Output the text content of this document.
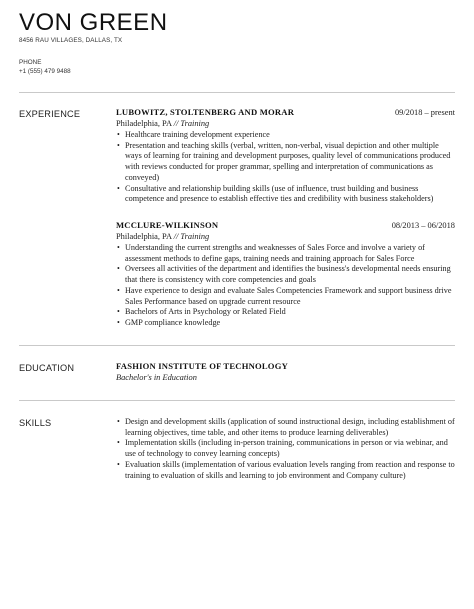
VON GREEN
8456 RAU VILLAGES, DALLAS, TX
PHONE
+1 (555) 479 9488
EXPERIENCE	LUBOWITZ, STOLTENBERG AND MORAR	09/2018 – present
Philadelphia, PA // Training
• Healthcare training development experience
• Presentation and teaching skills (verbal, written, non-verbal, visual depiction and other multiple ways of learning for training and development purposes, quality level of communications produced with reviews conducted for proper grammar, spelling and interpretation of communications as conveyed)
• Consultative and relationship building skills (use of influence, trust building and business competence and presence to establish effective ties and credibility with business stakeholders)
MCCLURE-WILKINSON	08/2013 – 06/2018
Philadelphia, PA // Training
• Understanding the current strengths and weaknesses of Sales Force and involve a variety of assessment methods to define gaps, training needs and training approach for Sales Force
• Oversees all activities of the department and identifies the business's developmental needs ensuring that there is consistency with core competencies and goals
• Have experience to design and evaluate Sales Competencies Framework and support business drive Sales Performance based on upgrade current resource
• Bachelors of Arts in Psychology or Related Field
• GMP compliance knowledge
EDUCATION	FASHION INSTITUTE OF TECHNOLOGY
Bachelor's in Education
SKILLS
•	Design and development skills (application of sound instructional design, including establishment of learning objectives, time table, and other items to produce learning deliverables)
• Implementation skills (including in-person training, communications in person or via webinar, and use of technology to convey learning concepts)
• Evaluation skills (implementation of various evaluation levels ranging from reaction and response to training to evaluation of skills and learning to job environment and Company culture)
